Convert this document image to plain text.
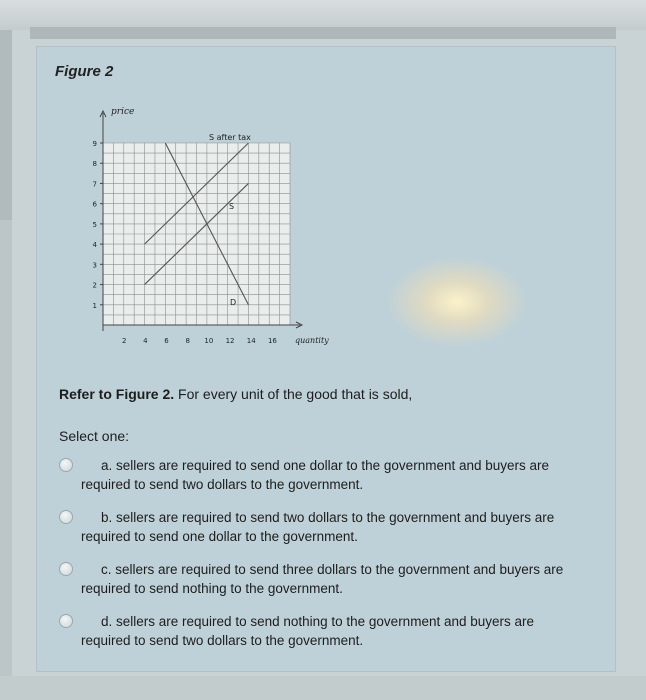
Figure 2
1
2
3
4
5
6
7
8
9
2 4 6 8 10 12 14 16
price
quantity
S after tax
S
D
Refer to Figure 2. For every unit of the good that is sold,
Select one:
a. sellers are required to send one dollar to the government and buyers are required to send two dollars to the government.
b. sellers are required to send two dollars to the government and buyers are required to send one dollar to the government.
c. sellers are required to send three dollars to the government and buyers are required to send nothing to the government.
d. sellers are required to send nothing to the government and buyers are required to send two dollars to the government.
